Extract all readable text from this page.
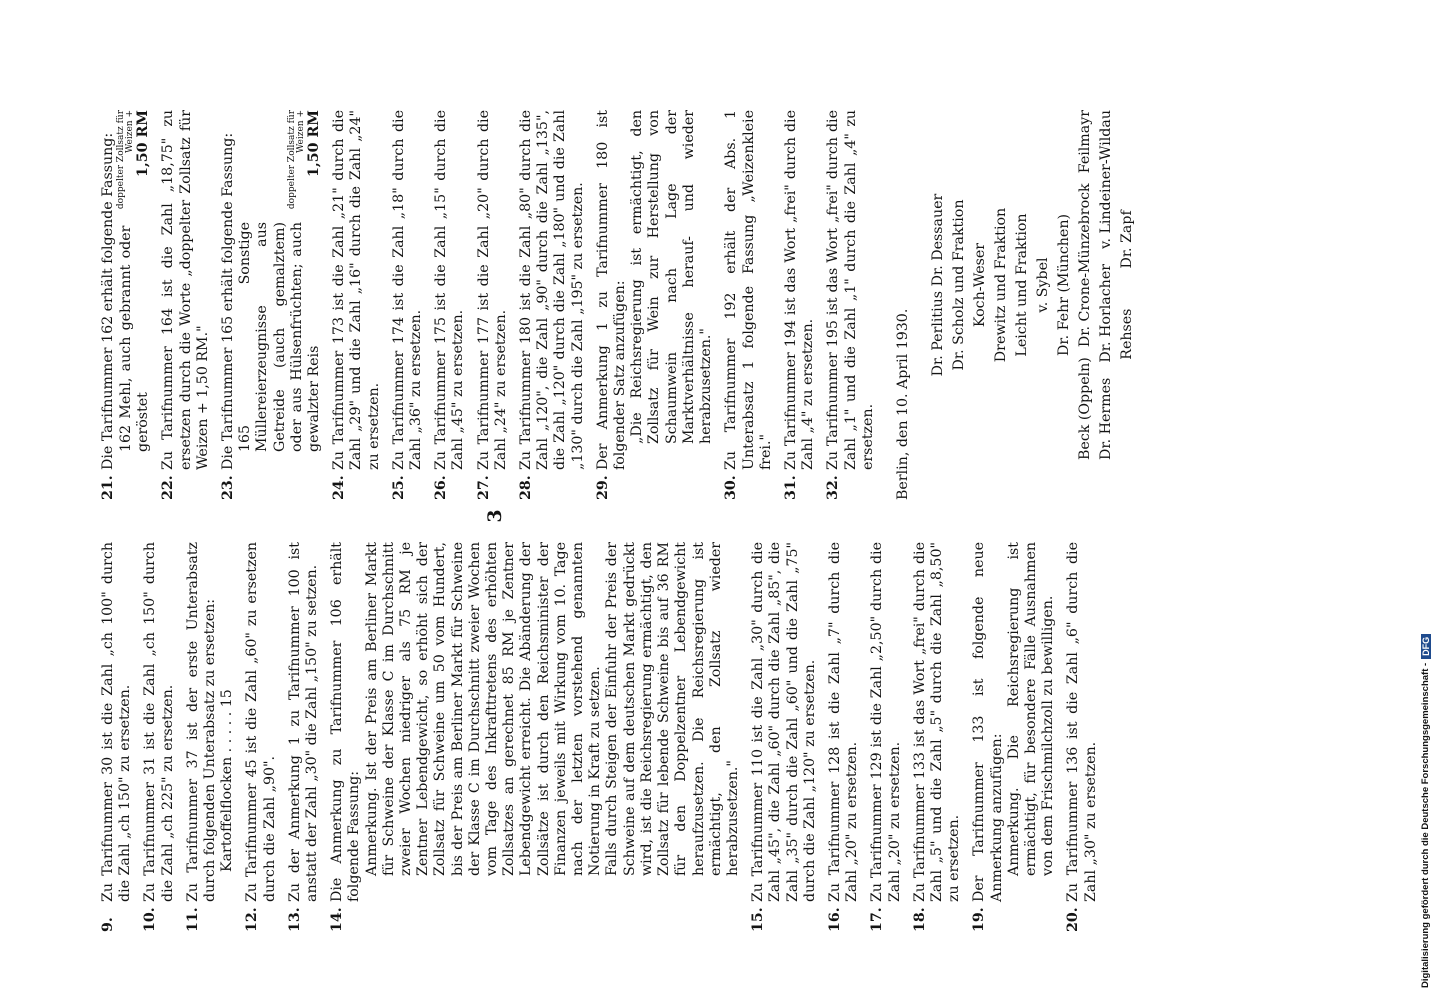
3
9.
Zu Tarifnummer 30 ist die Zahl „ch 100" durch die Zahl „ch 150" zu ersetzen.
10.
Zu Tarifnummer 31 ist die Zahl „ch 150" durch die Zahl „ch 225" zu ersetzen.
11.
Zu Tarifnummer 37 ist der erste Unterabsatz durch folgenden Unterabsatz zu ersetzen: Kartoffelflocken . . . . . 15
12.
Zu Tarifnummer 45 ist die Zahl „60" zu ersetzen durch die Zahl „90".
13.
Zu der Anmerkung 1 zu Tarifnummer 100 ist anstatt der Zahl „30" die Zahl „150" zu setzen.
14.
Die Anmerkung zu Tarifnummer 106 erhält folgende Fassung: Anmerkung. Ist der Preis am Berliner Markt für Schweine der Klasse C im Durchschnitt zweier Wochen niedriger als 75 RM je Zentner Lebendgewicht, so erhöht sich der Zollsatz für Schweine um 50 vom Hundert, bis der Preis am Berliner Markt für Schweine der Klasse C im Durchschnitt zweier Wochen vom Tage des Inkrafttretens des erhöhten Zollsatzes an gerechnet 85 RM je Zentner Lebendgewicht erreicht. Die Abänderung der Zollsätze ist durch den Reichsminister der Finanzen jeweils mit Wirkung vom 10. Tage nach der letzten vorstehend genannten Notierung in Kraft zu setzen. Falls durch Steigen der Einfuhr der Preis der Schweine auf dem deutschen Markt gedrückt wird, ist die Reichsregierung ermächtigt, den Zollsatz für lebende Schweine bis auf 36 RM für den Doppelzentner Lebendgewicht heraufzusetzen. Die Reichsregierung ist ermächtigt, den Zollsatz wieder herabzusetzen."

15.
Zu Tarifnummer 110 ist die Zahl „30" durch die Zahl „45", die Zahl „60" durch die Zahl „85", die Zahl „35" durch die Zahl „60" und die Zahl „75" durch die Zahl „120" zu ersetzen.
16.
Zu Tarifnummer 128 ist die Zahl „7" durch die Zahl „20" zu ersetzen.
17.
Zu Tarifnummer 129 ist die Zahl „2,50" durch die Zahl „20" zu ersetzen.
18.
Zu Tarifnummer 133 ist das Wort „frei" durch die Zahl „5" und die Zahl „5" durch die Zahl „8,50" zu ersetzen.
19.
Der Tarifnummer 133 ist folgende neue Anmerkung anzufügen: Anmerkung. Die Reichsregierung ist ermächtigt, für besondere Fälle Ausnahmen von dem Frischmilchzoll zu bewilligen.
20.
Zu Tarifnummer 136 ist die Zahl „6" durch die Zahl „30" zu ersetzen.
21.
Die Tarifnummer 162 erhält folgende Fassung: 162 Mehl, auch gebrannt oder geröstet
doppelter Zollsatz für Weizen + 1,50 RM
22.
Zu Tarifnummer 164 ist die Zahl „18,75" zu ersetzen durch die Worte „doppelter Zollsatz für Weizen + 1,50 RM."
23.
Die Tarifnummer 165 erhält folgende Fassung: 165 Sonstige Müllereierzeugnisse aus Getreide (auch gemalztem) oder aus Hülsenfrüchten; auch gewalzter Reis
doppelter Zollsatz für Weizen + 1,50 RM
24.
Zu Tarifnummer 173 ist die Zahl „21" durch die Zahl „29" und die Zahl „16" durch die Zahl „24" zu ersetzen.
25.
Zu Tarifnummer 174 ist die Zahl „18" durch die Zahl „36" zu ersetzen.
26.
Zu Tarifnummer 175 ist die Zahl „15" durch die Zahl „45" zu ersetzen.
27.
Zu Tarifnummer 177 ist die Zahl „20" durch die Zahl „24" zu ersetzen.
28.
Zu Tarifnummer 180 ist die Zahl „80" durch die Zahl „120", die Zahl „90" durch die Zahl „135", die Zahl „120" durch die Zahl „180" und die Zahl „130" durch die Zahl „195" zu ersetzen.
29.
Der Anmerkung 1 zu Tarifnummer 180 ist folgender Satz anzufügen: „Die Reichsregierung ist ermächtigt, den Zollsatz für Wein zur Herstellung von Schaumwein nach Lage der Marktverhältnisse herauf- und wieder herabzusetzen."
30.
Zu Tarifnummer 192 erhält der Abs. 1 Unterabsatz 1 folgende Fassung „Weizenkleie frei."
31.
Zu Tarifnummer 194 ist das Wort „frei" durch die Zahl „4" zu ersetzen.
32.
Zu Tarifnummer 195 ist das Wort „frei" durch die Zahl „1" und die Zahl „1" durch die Zahl „4" zu ersetzen. Berlin, den 10. April 1930.
Dr. Perlitius Dr. Dessauer Dr. Scholz und Fraktion Koch-Weser Drewitz und Fraktion Leicht und Fraktion v. Sybel Dr. Fehr (München)
Beck (Oppeln)
Dr. Crone-Münzebrock
Feilmayr
Dr. Hermes
Dr. Horlacher
v. Lindeiner-Wildau
Rehses
Dr. Zapf
Digitalisierung gefördert durch die Deutsche Forschungsgemeinschaft -
DFG
